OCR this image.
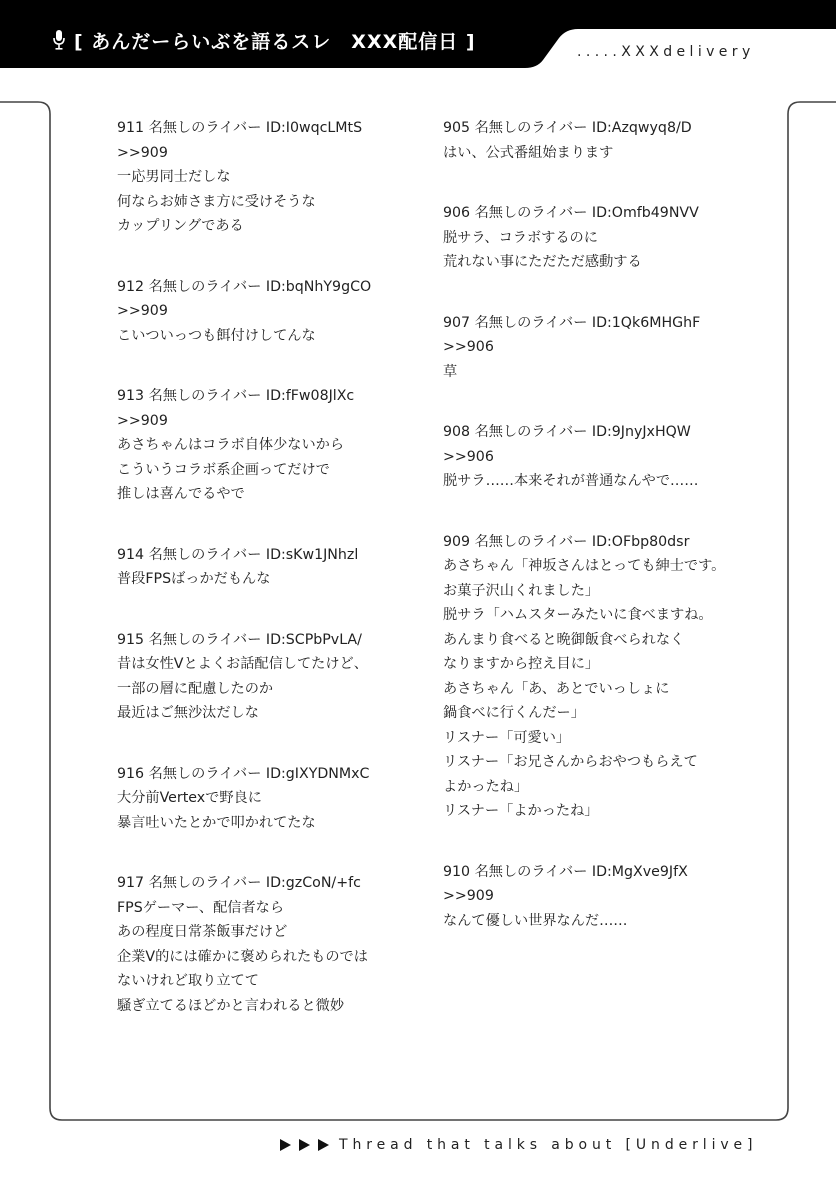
[ あんだーらいぶを語るスレ　XXX配信日 ]	.....XXXdelivery
911 名無しのライバー ID:I0wqcLMtS
>>909
一応男同士だしな
何ならお姉さま方に受けそうな
カップリングである
912 名無しのライバー ID:bqNhY9gCO
>>909
こいついっつも餌付けしてんな
913 名無しのライバー ID:fFw08JlXc
>>909
あさちゃんはコラボ自体少ないから
こういうコラボ系企画ってだけで
推しは喜んでるやで
914 名無しのライバー ID:sKw1JNhzl
普段FPSばっかだもんな
915 名無しのライバー ID:SCPbPvLA/
昔は女性Vとよくお話配信してたけど、
一部の層に配慮したのか
最近はご無沙汰だしな
916 名無しのライバー ID:gIXYDNMxC
大分前Vertexで野良に
暴言吐いたとかで叩かれてたな
917 名無しのライバー ID:gzCoN/+fc
FPSゲーマー、配信者なら
あの程度日常茶飯事だけど
企業V的には確かに褒められたものでは
ないけれど取り立てて
騒ぎ立てるほどかと言われると微妙
905 名無しのライバー ID:Azqwyq8/D
はい、公式番組始まります
906 名無しのライバー ID:Omfb49NVV
脱サラ、コラボするのに
荒れない事にただただ感動する
907 名無しのライバー ID:1Qk6MHGhF
>>906
草
908 名無しのライバー ID:9JnyJxHQW
>>906
脱サラ……本来それが普通なんやで……
909 名無しのライバー ID:OFbp80dsr
あさちゃん「神坂さんはとっても紳士です。
お菓子沢山くれました」
脱サラ「ハムスターみたいに食べますね。
あんまり食べると晩御飯食べられなく
なりますから控え目に」
あさちゃん「あ、あとでいっしょに
鍋食べに行くんだー」
リスナー「可愛い」
リスナー「お兄さんからおやつもらえて
よかったね」
リスナー「よかったね」
910 名無しのライバー ID:MgXve9JfX
>>909
なんて優しい世界なんだ……
Thread that talks about [Underlive]
